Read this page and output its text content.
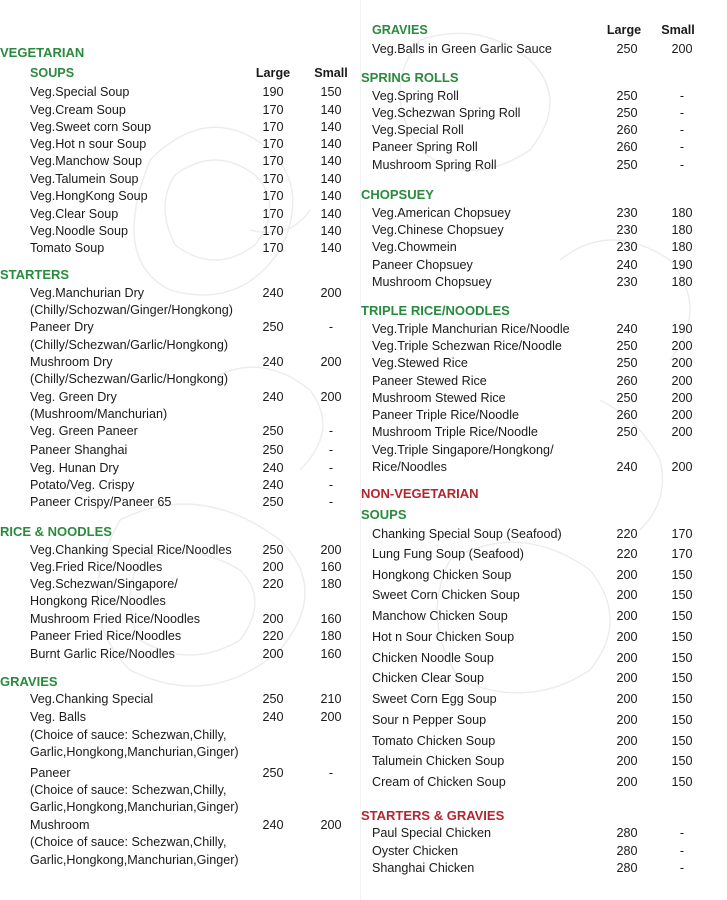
VEGETARIAN
SOUPS	Large	Small
Veg.Special Soup	190	150
Veg.Cream Soup	170	140
Veg.Sweet corn Soup	170	140
Veg.Hot n sour Soup	170	140
Veg.Manchow Soup	170	140
Veg.Talumein Soup	170	140
Veg.HongKong Soup	170	140
Veg.Clear Soup	170	140
Veg.Noodle Soup	170	140
Tomato Soup	170	140
STARTERS
Veg.Manchurian Dry	240	200
(Chilly/Schozwan/Ginger/Hongkong)
Paneer Dry	250	-
(Chilly/Schezwan/Garlic/Hongkong)
Mushroom Dry	240	200
(Chilly/Schezwan/Garlic/Hongkong)
Veg. Green Dry	240	200
(Mushroom/Manchurian)
Veg. Green Paneer	250	-
Paneer Shanghai	250	-
Veg. Hunan Dry	240	-
Potato/Veg. Crispy	240	-
Paneer Crispy/Paneer 65	250	-
RICE & NOODLES
Veg.Chanking Special Rice/Noodles	250	200
Veg.Fried Rice/Noodles	200	160
Veg.Schezwan/Singapore/	220	180
Hongkong Rice/Noodles
Mushroom Fried Rice/Noodles	200	160
Paneer Fried Rice/Noodles	220	180
Burnt Garlic Rice/Noodles	200	160
GRAVIES
Veg.Chanking Special	250	210
Veg. Balls	240	200
(Choice of sauce: Schezwan,Chilly,
Garlic,Hongkong,Manchurian,Ginger)
Paneer	250	-
(Choice of sauce: Schezwan,Chilly,
Garlic,Hongkong,Manchurian,Ginger)
Mushroom	240	200
(Choice of sauce: Schezwan,Chilly,
Garlic,Hongkong,Manchurian,Ginger)
GRAVIES	Large	Small
Veg.Balls in Green Garlic Sauce	250	200
SPRING ROLLS
Veg.Spring Roll	250	-
Veg.Schezwan Spring Roll	250	-
Veg.Special Roll	260	-
Paneer Spring Roll	260	-
Mushroom Spring Roll	250	-
CHOPSUEY
Veg.American Chopsuey	230	180
Veg.Chinese Chopsuey	230	180
Veg.Chowmein	230	180
Paneer Chopsuey	240	190
Mushroom Chopsuey	230	180
TRIPLE RICE/NOODLES
Veg.Triple Manchurian Rice/Noodle	240	190
Veg.Triple Schezwan Rice/Noodle	250	200
Veg.Stewed Rice	250	200
Paneer Stewed Rice	260	200
Mushroom Stewed Rice	250	200
Paneer Triple Rice/Noodle	260	200
Mushroom Triple Rice/Noodle	250	200
Veg.Triple Singapore/Hongkong/
Rice/Noodles	240	200
NON-VEGETARIAN
SOUPS
Chanking Special Soup (Seafood)	220	170
Lung Fung Soup (Seafood)	220	170
Hongkong Chicken Soup	200	150
Sweet Corn Chicken Soup	200	150
Manchow Chicken Soup	200	150
Hot n Sour Chicken Soup	200	150
Chicken Noodle Soup	200	150
Chicken Clear Soup	200	150
Sweet Corn Egg Soup	200	150
Sour n Pepper Soup	200	150
Tomato Chicken Soup	200	150
Talumein Chicken Soup	200	150
Cream of Chicken Soup	200	150
STARTERS & GRAVIES
Paul Special Chicken	280	-
Oyster Chicken	280	-
Shanghai Chicken	280	-
